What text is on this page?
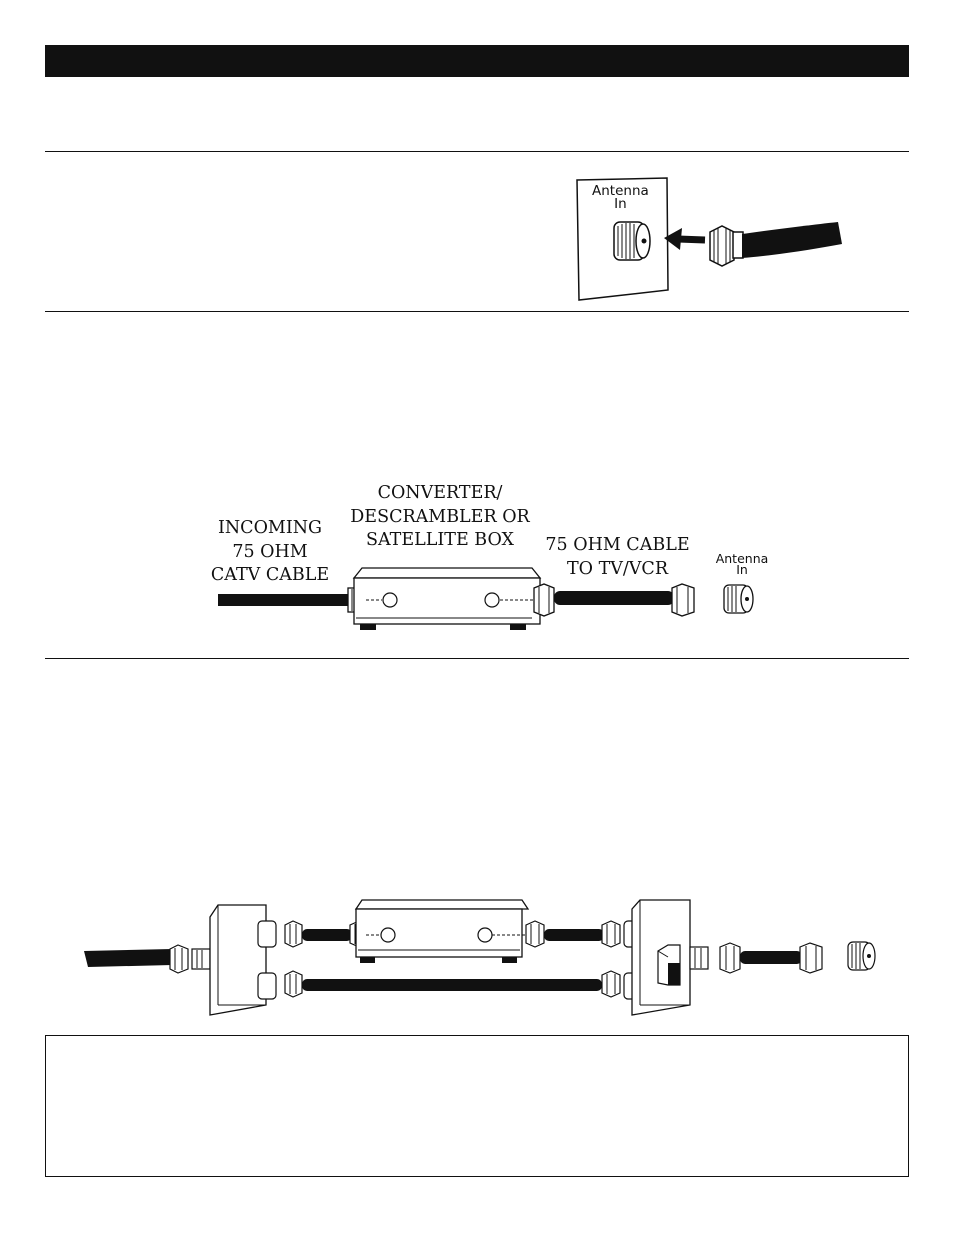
Antenna
In
INCOMING
75 OHM
CATV CABLE
CONVERTER/
DESCRAMBLER OR
SATELLITE BOX	75 OHM CABLE
TO TV/VCR	Antenna
In
